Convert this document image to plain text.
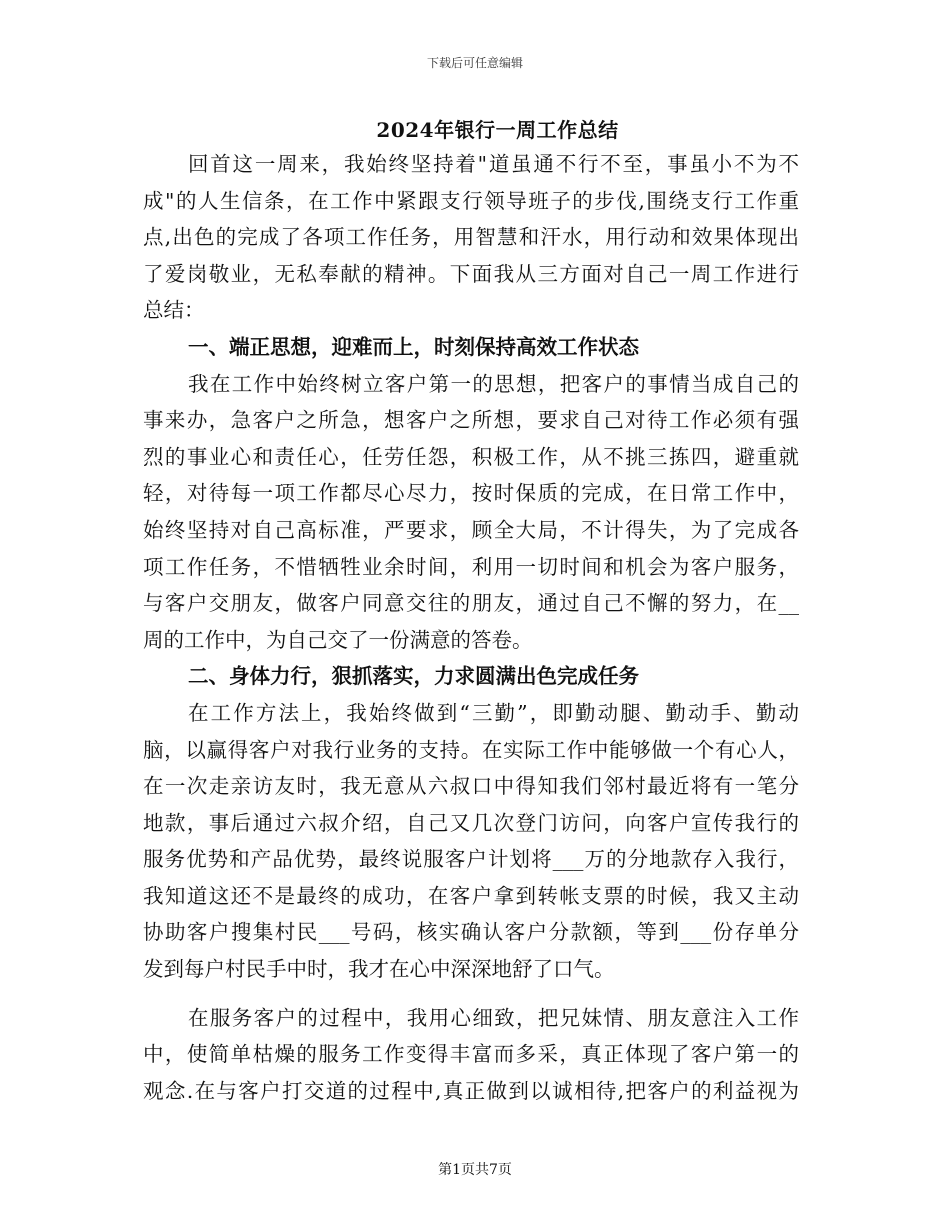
下载后可任意编辑
2024年银行一周工作总结
回首这一周来，我始终坚持着"道虽通不行不至，事虽小不为不
成"的人生信条，在工作中紧跟支行领导班子的步伐,围绕支行工作重
点,出色的完成了各项工作任务，用智慧和汗水，用行动和效果体现出
了爱岗敬业，无私奉献的精神。下面我从三方面对自己一周工作进行
总结：
一、端正思想，迎难而上，时刻保持高效工作状态
我在工作中始终树立客户第一的思想，把客户的事情当成自己的
事来办，急客户之所急，想客户之所想，要求自己对待工作必须有强
烈的事业心和责任心，任劳任怨，积极工作，从不挑三拣四，避重就
轻，对待每一项工作都尽心尽力，按时保质的完成，在日常工作中，
始终坚持对自己高标准，严要求，顾全大局，不计得失，为了完成各
项工作任务，不惜牺牲业余时间，利用一切时间和机会为客户服务，
与客户交朋友，做客户同意交往的朋友，通过自己不懈的努力，在__
周的工作中，为自己交了一份满意的答卷。
二、身体力行，狠抓落实，力求圆满出色完成任务
在工作方法上，我始终做到“三勤”，即勤动腿、勤动手、勤动
脑，以赢得客户对我行业务的支持。在实际工作中能够做一个有心人，
在一次走亲访友时，我无意从六叔口中得知我们邻村最近将有一笔分
地款，事后通过六叔介绍，自己又几次登门访问，向客户宣传我行的
服务优势和产品优势，最终说服客户计划将___万的分地款存入我行，
我知道这还不是最终的成功，在客户拿到转帐支票的时候，我又主动
协助客户搜集村民___号码，核实确认客户分款额，等到___份存单分
发到每户村民手中时，我才在心中深深地舒了口气。
在服务客户的过程中，我用心细致，把兄妹情、朋友意注入工作
中，使简单枯燥的服务工作变得丰富而多采，真正体现了客户第一的
观念.在与客户打交道的过程中,真正做到以诚相待,把客户的利益视为
第1页共7页
